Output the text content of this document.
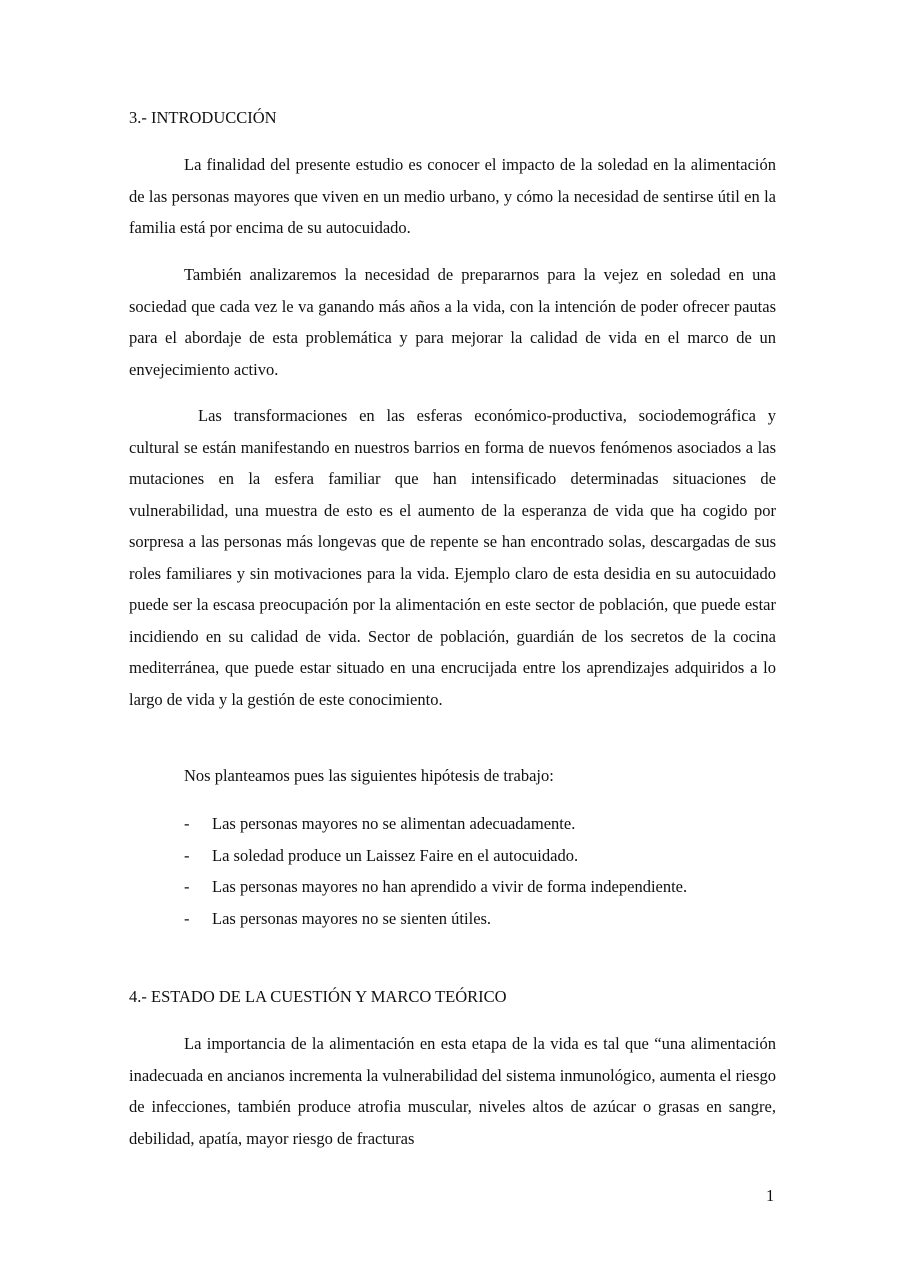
3.- INTRODUCCIÓN

La finalidad del presente estudio es conocer el impacto de la soledad en la alimentación de las personas mayores que viven en un medio urbano, y cómo la necesidad de sentirse útil en la familia está por encima de su autocuidado.

También analizaremos la necesidad de prepararnos para la vejez en soledad en una sociedad que cada vez le va ganando más años a la vida, con la intención de poder ofrecer pautas para el abordaje de esta problemática y para mejorar la calidad de vida en el marco de un envejecimiento activo.

Las transformaciones en las esferas económico-productiva, sociodemográfica y cultural se están manifestando en nuestros barrios en forma de nuevos fenómenos asociados a las mutaciones en la esfera familiar que han intensificado determinadas situaciones de vulnerabilidad, una muestra de esto es el aumento de la esperanza de vida que ha cogido por sorpresa a las personas más longevas que de repente se han encontrado solas, descargadas de sus roles familiares y sin motivaciones para la vida. Ejemplo claro de esta desidia en su autocuidado puede ser la escasa preocupación por la alimentación en este sector de población, que puede estar incidiendo en su calidad de vida. Sector de población, guardián de los secretos de la cocina mediterránea, que puede estar situado en una encrucijada entre los aprendizajes adquiridos a lo largo de vida y la gestión de este conocimiento.

Nos planteamos pues las siguientes hipótesis de trabajo:

-	Las personas mayores no se alimentan adecuadamente.
-	La soledad produce un Laissez Faire en el autocuidado.
-	Las personas mayores no han aprendido a vivir de forma independiente.
-	Las personas mayores no se sienten útiles.
4.- ESTADO DE LA CUESTIÓN Y MARCO TEÓRICO

La importancia de la alimentación en esta etapa de la vida es tal que “una alimentación inadecuada en ancianos incrementa la vulnerabilidad del sistema inmunológico, aumenta el riesgo de infecciones, también produce atrofia muscular, niveles altos de azúcar o grasas en sangre, debilidad, apatía, mayor riesgo de fracturas

1
